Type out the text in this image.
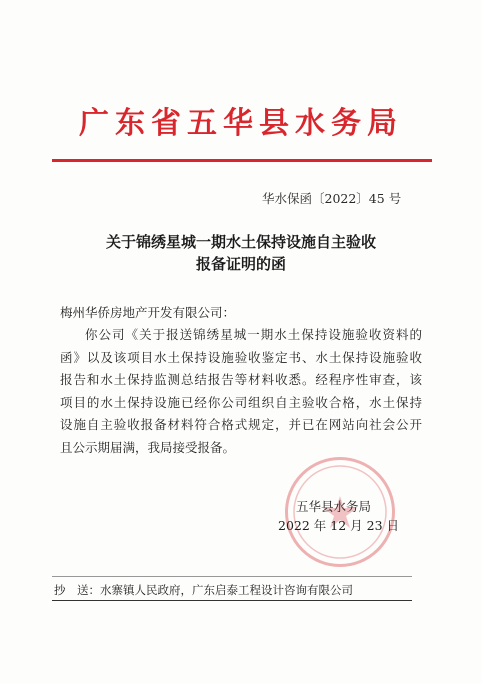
广东省五华县水务局
华水保函〔2022〕45 号
关于锦绣星城一期水土保持设施自主验收
报备证明的函
梅州华侨房地产开发有限公司：
你公司《关于报送锦绣星城一期水土保持设施验收资料的
函》以及该项目水土保持设施验收鉴定书、水土保持设施验收
报告和水土保持监测总结报告等材料收悉。经程序性审查，该
项目的水土保持设施已经你公司组织自主验收合格，水土保持
设施自主验收报备材料符合格式规定，并已在网站向社会公开
且公示期届满，我局接受报备。
五华县水务局
2022 年 12 月 23 日
抄　送：水寨镇人民政府，广东启泰工程设计咨询有限公司
